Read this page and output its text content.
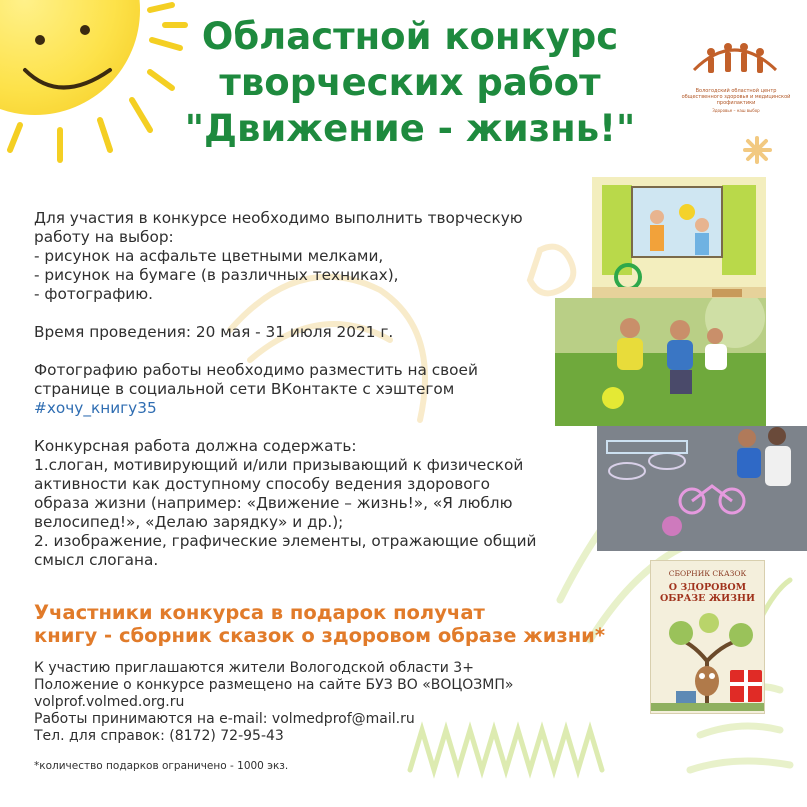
Областной конкурс
творческих работ
"Движение - жизнь!"
Вологодский областной центр общественного здоровья и медицинской профилактики
Здоровье – наш выбор

Для участия в конкурсе необходимо выполнить творческую

работу на выбор:

- рисунок на асфальте цветными мелками,

- рисунок на бумаге (в различных техниках),

- фотографию.

Время проведения: 20 мая - 31 июля 2021 г.

Фотографию работы необходимо разместить на своей

странице в социальной сети ВКонтакте с хэштегом

#хочу_книгу35

Конкурсная работа должна содержать:

1.слоган, мотивирующий и/или призывающий к физической

активности как доступному способу ведения здорового

образа жизни (например: «Движение – жизнь!», «Я люблю

велосипед!», «Делаю зарядку» и др.);

2. изображение, графические элементы, отражающие общий

смысл слогана.

Участники конкурса в подарок получат
книгу - сборник сказок о здоровом образе жизни*
СБОРНИК СКАЗОК
О ЗДОРОВОМ ОБРАЗЕ ЖИЗНИ
К участию приглашаются жители Вологодской области 3+
Положение о конкурсе размещено на сайте БУЗ ВО «ВОЦОЗМП»
volprof.volmed.org.ru
Работы принимаются на e-mail: volmedprof@mail.ru
Тел. для справок: (8172) 72-95-43
*количество подарков ограничено - 1000 экз.
